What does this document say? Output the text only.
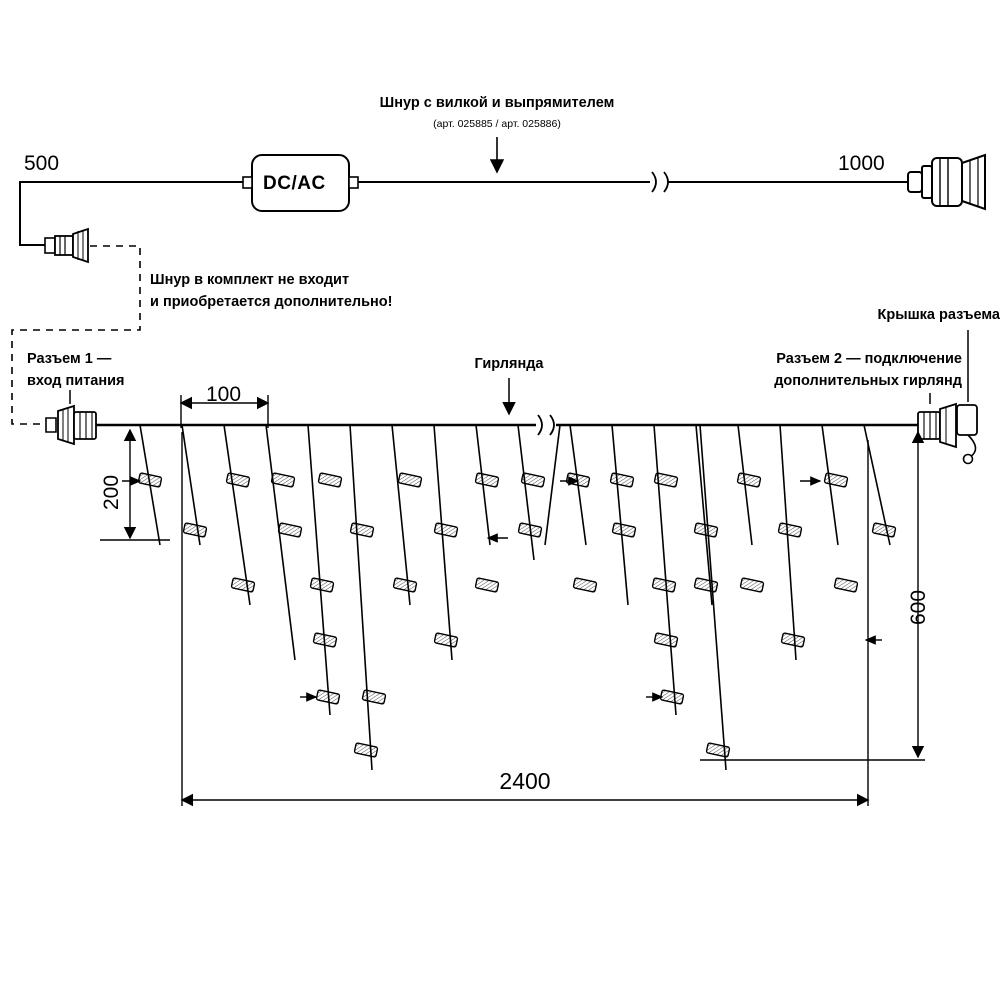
500	1000
Шнур с вилкой и выпрямителем
(арт. 025885 / арт. 025886)
DC/AC
Шнур в комплект не входит
и приобретается дополнительно!
Разъем 1 —
вход питания
Разъем 2 — подключение
дополнительных гирлянд
Крышка разъема
Гирлянда
100
200
600
2400
